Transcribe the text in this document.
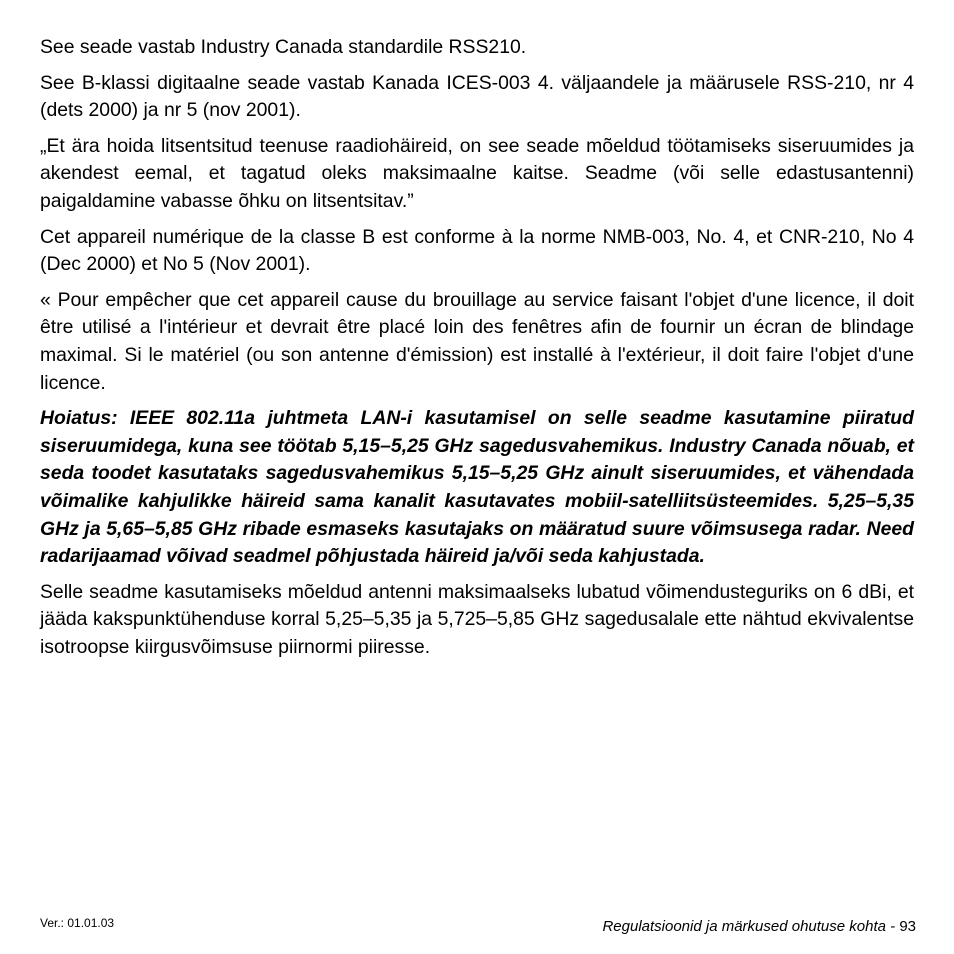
See seade vastab Industry Canada standardile RSS210.

See B-klassi digitaalne seade vastab Kanada ICES-003 4. väljaandele ja määrusele RSS-210, nr 4 (dets 2000) ja nr 5 (nov 2001).

„Et ära hoida litsentsitud teenuse raadiohäireid, on see seade mõeldud töötamiseks siseruumides ja akendest eemal, et tagatud oleks maksimaalne kaitse. Seadme (või selle edastusantenni) paigaldamine vabasse õhku on litsentsitav.”

Cet appareil numérique de la classe B est conforme à la norme NMB-003, No. 4, et CNR-210, No 4 (Dec 2000) et No 5 (Nov 2001).

« Pour empêcher que cet appareil cause du brouillage au service faisant l'objet d'une licence, il doit être utilisé a l'intérieur et devrait être placé loin des fenêtres afin de fournir un écran de blindage maximal. Si le matériel (ou son antenne d'émission) est installé à l'extérieur, il doit faire l'objet d'une licence.

Hoiatus: IEEE 802.11a juhtmeta LAN-i kasutamisel on selle seadme kasutamine piiratud siseruumidega, kuna see töötab 5,15–5,25 GHz sagedusvahemikus. Industry Canada nõuab, et seda toodet kasutataks sagedusvahemikus 5,15–5,25 GHz ainult siseruumides, et vähendada võimalike kahjulikke häireid sama kanalit kasutavates mobiil-satelliitsüsteemides. 5,25–5,35 GHz ja 5,65–5,85 GHz ribade esmaseks kasutajaks on määratud suure võimsusega radar. Need radarijaamad võivad seadmel põhjustada häireid ja/või seda kahjustada.

Selle seadme kasutamiseks mõeldud antenni maksimaalseks lubatud võimendusteguriks on 6 dBi, et jääda kakspunktühenduse korral 5,25–5,35 ja 5,725–5,85 GHz sagedusalale ette nähtud ekvivalentse isotroopse kiirgusvõimsuse piirnormi piiresse.

Ver.: 01.01.03	Regulatsioonid ja märkused ohutuse kohta - 93
